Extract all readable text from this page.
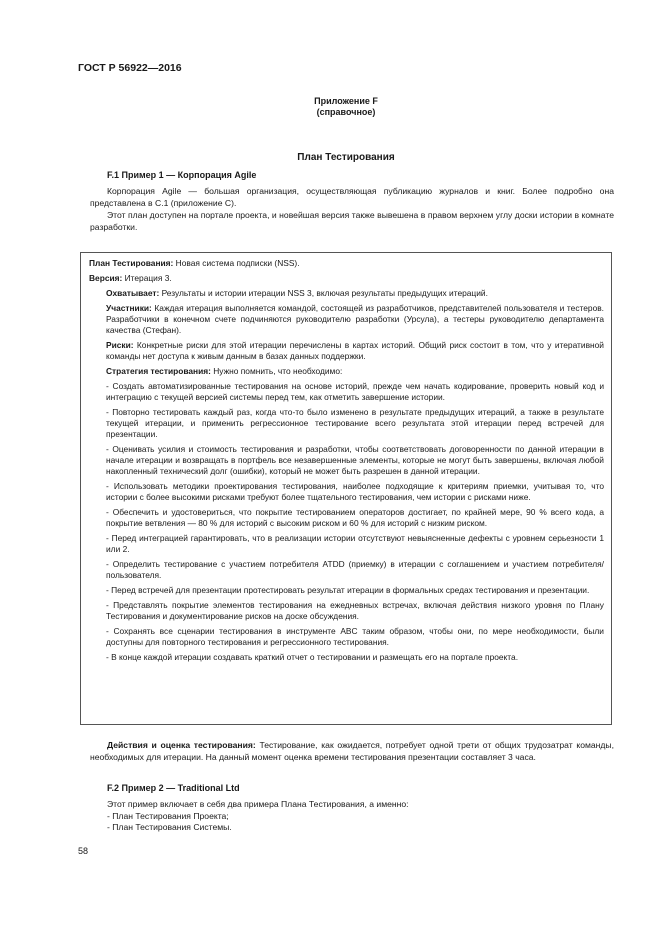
ГОСТ Р 56922—2016
Приложение F
(справочное)
План Тестирования
F.1 Пример 1 — Корпорация Agile
Корпорация Agile — большая организация, осуществляющая публикацию журналов и книг. Более подробно она представлена в С.1 (приложение С).
Этот план доступен на портале проекта, и новейшая версия также вывешена в правом верхнем углу доски истории в комнате разработки.

План Тестирования: Новая система подписки (NSS).

Версия: Итерация 3.

Охватывает: Результаты и истории итерации NSS 3, включая результаты предыдущих итераций.

Участники: Каждая итерация выполняется командой, состоящей из разработчиков, представителей пользователя и тестеров. Разработчики в конечном счете подчиняются руководителю разработки (Урсула), а тестеры руководителю департамента качества (Стефан).

Риски: Конкретные риски для этой итерации перечислены в картах историй. Общий риск состоит в том, что у итеративной команды нет доступа к живым данным в базах данных поддержки.

Стратегия тестирования: Нужно помнить, что необходимо:

- Создать автоматизированные тестирования на основе историй, прежде чем начать кодирование, проверить новый код и интеграцию с текущей версией системы перед тем, как отметить завершение истории.

- Повторно тестировать каждый раз, когда что-то было изменено в результате предыдущих итераций, а также в результате текущей итерации, и применить регрессионное тестирование всего результата этой итерации перед встречей для презентации.

- Оценивать усилия и стоимость тестирования и разработки, чтобы соответствовать договоренности по данной итерации в начале итерации и возвращать в портфель все незавершенные элементы, которые не могут быть завершены, включая любой накопленный технический долг (ошибки), который не может быть разрешен в данной итерации.

- Использовать методики проектирования тестирования, наиболее подходящие к критериям приемки, учитывая то, что истории с более высокими рисками требуют более тщательного тестирования, чем истории с рисками ниже.

- Обеспечить и удостовериться, что покрытие тестированием операторов достигает, по крайней мере, 90 % всего кода, а покрытие ветвления — 80 % для историй с высоким риском и 60 % для историй с низким риском.

- Перед интеграцией гарантировать, что в реализации истории отсутствуют невыясненные дефекты с уровнем серьезности 1 или 2.

- Определить тестирование с участием потребителя ATDD (приемку) в итерации с соглашением и участием потребителя/пользователя.

- Перед встречей для презентации протестировать результат итерации в формальных средах тестирования и презентации.

- Представлять покрытие элементов тестирования на ежедневных встречах, включая действия низкого уровня по Плану Тестирования и документирование рисков на доске обсуждения.

- Сохранять все сценарии тестирования в инструменте ABC таким образом, чтобы они, по мере необходимости, были доступны для повторного тестирования и регрессионного тестирования.

- В конце каждой итерации создавать краткий отчет о тестировании и размещать его на портале проекта.

Действия и оценка тестирования: Тестирование, как ожидается, потребует одной трети от общих трудозатрат команды, необходимых для итерации. На данный момент оценка времени тестирования презентации составляет 3 часа.
F.2 Пример 2 — Traditional Ltd
Этот пример включает в себя два примера Плана Тестирования, а именно:
- План Тестирования Проекта;
- План Тестирования Системы.
58
